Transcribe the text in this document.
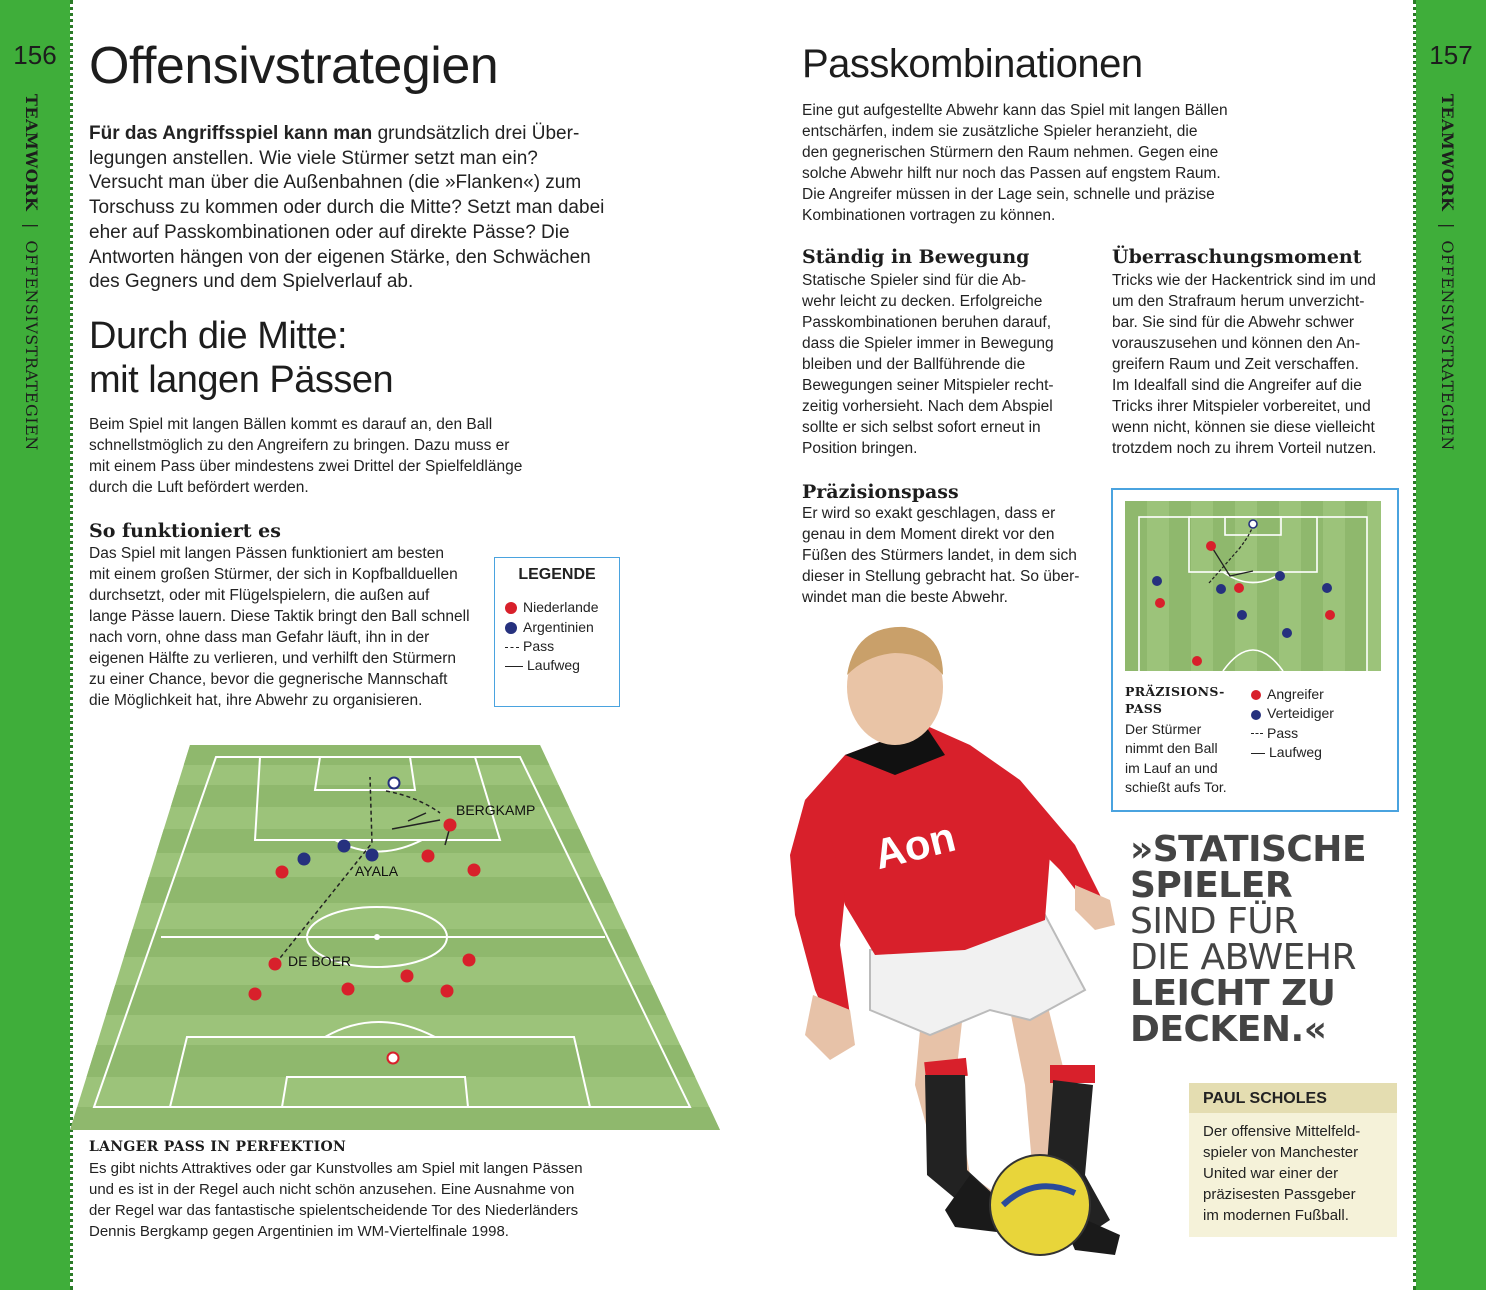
156
TEAMWORK | OFFENSIVSTRATEGIEN
157
TEAMWORK | OFFENSIVSTRATEGIEN
Offensivstrategien
Für das Angriffsspiel kann man grundsätzlich drei Über-
legungen anstellen. Wie viele Stürmer setzt man ein?
Versucht man über die Außenbahnen (die »Flanken«) zum
Torschuss zu kommen oder durch die Mitte? Setzt man dabei
eher auf Passkombinationen oder auf direkte Pässe? Die
Antworten hängen von der eigenen Stärke, den Schwächen
des Gegners und dem Spielverlauf ab.
Durch die Mitte:
mit langen Pässen
Beim Spiel mit langen Bällen kommt es darauf an, den Ball
schnellstmöglich zu den Angreifern zu bringen. Dazu muss er
mit einem Pass über mindestens zwei Drittel der Spielfeldlänge
durch die Luft befördert werden.
So funktioniert es
Das Spiel mit langen Pässen funktioniert am besten
mit einem großen Stürmer, der sich in Kopfballduellen
durchsetzt, oder mit Flügelspielern, die außen auf
lange Pässe lauern. Diese Taktik bringt den Ball schnell
nach vorn, ohne dass man Gefahr läuft, ihn in der
eigenen Hälfte zu verlieren, und verhilft den Stürmern
zu einer Chance, bevor die gegnerische Mannschaft
die Möglichkeit hat, ihre Abwehr zu organisieren.
LEGENDE
Niederlande
Argentinien
Pass
Laufweg
BERGKAMP
AYALA
DE BOER
LANGER PASS IN PERFEKTION
Es gibt nichts Attraktives oder gar Kunstvolles am Spiel mit langen Pässen
und es ist in der Regel auch nicht schön anzusehen. Eine Ausnahme von
der Regel war das fantastische spielentscheidende Tor des Niederländers
Dennis Bergkamp gegen Argentinien im WM-Viertelfinale 1998.
Passkombinationen
Eine gut aufgestellte Abwehr kann das Spiel mit langen Bällen
entschärfen, indem sie zusätzliche Spieler heranzieht, die
den gegnerischen Stürmern den Raum nehmen. Gegen eine
solche Abwehr hilft nur noch das Passen auf engstem Raum.
Die Angreifer müssen in der Lage sein, schnelle und präzise
Kombinationen vortragen zu können.
Ständig in Bewegung
Statische Spieler sind für die Ab-
wehr leicht zu decken. Erfolgreiche
Passkombinationen beruhen darauf,
dass die Spieler immer in Bewegung
bleiben und der Ballführende die
Bewegungen seiner Mitspieler recht-
zeitig vorhersieht. Nach dem Abspiel
sollte er sich selbst sofort erneut in
Position bringen.
Überraschungsmoment
Tricks wie der Hackentrick sind im und
um den Strafraum herum unverzicht-
bar. Sie sind für die Abwehr schwer
vorauszusehen und können den An-
greifern Raum und Zeit verschaffen.
Im Idealfall sind die Angreifer auf die
Tricks ihrer Mitspieler vorbereitet, und
wenn nicht, können sie diese vielleicht
trotzdem noch zu ihrem Vorteil nutzen.
Präzisionspass
Er wird so exakt geschlagen, dass er
genau in dem Moment direkt vor den
Füßen des Stürmers landet, in dem sich
dieser in Stellung gebracht hat. So über-
windet man die beste Abwehr.
PRÄZISIONS-
PASS
Der Stürmer
nimmt den Ball
im Lauf an und
schießt aufs Tor.
Angreifer
Verteidiger
Pass
Laufweg
Aon	»STATISCHE
SPIELER
SIND FÜR
DIE ABWEHR
LEICHT ZU
DECKEN.«
PAUL SCHOLES
Der offensive Mittelfeld-
spieler von Manchester
United war einer der
präzisesten Passgeber
im modernen Fußball.
